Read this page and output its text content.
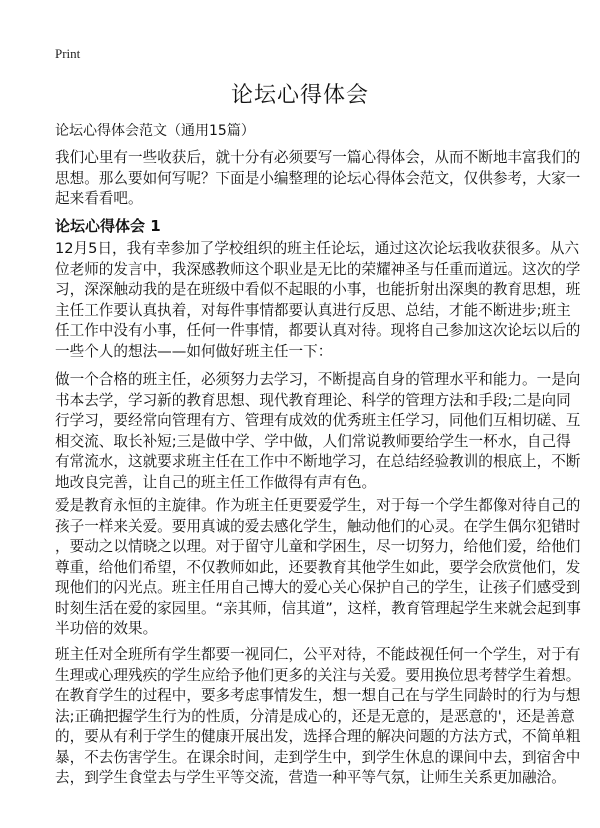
Print
论坛心得体会
论坛心得体会范文（通用15篇）
我们心里有一些收获后，就十分有必须要写一篇心得体会，从而不断地丰富我们的
思想。那么要如何写呢？下面是小编整理的论坛心得体会范文，仅供参考，大家一
起来看看吧。
论坛心得体会 1
12月5日，我有幸参加了学校组织的班主任论坛，通过这次论坛我收获很多。从六
位老师的发言中，我深感教师这个职业是无比的荣耀神圣与任重而道远。这次的学
习，深深触动我的是在班级中看似不起眼的小事，也能折射出深奥的教育思想，班
主任工作要认真执着，对每件事情都要认真进行反思、总结，才能不断进步;班主
任工作中没有小事，任何一件事情，都要认真对待。现将自己参加这次论坛以后的
一些个人的想法——如何做好班主任一下：
做一个合格的班主任，必须努力去学习，不断提高自身的管理水平和能力。一是向
书本去学，学习新的教育思想、现代教育理论、科学的管理方法和手段;二是向同
行学习，要经常向管理有方、管理有成效的优秀班主任学习，同他们互相切磋、互
相交流、取长补短;三是做中学、学中做，人们常说教师要给学生一杯水，自己得
有常流水，这就要求班主任在工作中不断地学习，在总结经验教训的根底上，不断
地改良完善，让自己的班主任工作做得有声有色。
爱是教育永恒的主旋律。作为班主任更要爱学生，对于每一个学生都像对待自己的
孩子一样来关爱。要用真诚的爱去感化学生，触动他们的心灵。在学生偶尔犯错时
，要动之以情晓之以理。对于留守儿童和学困生，尽一切努力，给他们爱，给他们
尊重，给他们希望，不仅教师如此，还要教育其他学生如此，要学会欣赏他们，发
现他们的闪光点。班主任用自己博大的爱心关心保护自己的学生，让孩子们感受到
时刻生活在爱的家园里。“亲其师，信其道”，这样，教育管理起学生来就会起到事
半功倍的效果。
班主任对全班所有学生都要一视同仁，公平对待，不能歧视任何一个学生，对于有
生理或心理残疾的学生应给予他们更多的关注与关爱。要用换位思考替学生着想。
在教育学生的过程中，要多考虑事情发生，想一想自己在与学生同龄时的行为与想
法;正确把握学生行为的性质，分清是成心的，还是无意的，是恶意的'，还是善意
的，要从有利于学生的健康开展出发，选择合理的解决问题的方法方式，不简单粗
暴，不去伤害学生。在课余时间，走到学生中，到学生休息的课间中去，到宿舍中
去，到学生食堂去与学生平等交流，营造一种平等气氛，让师生关系更加融洽。
